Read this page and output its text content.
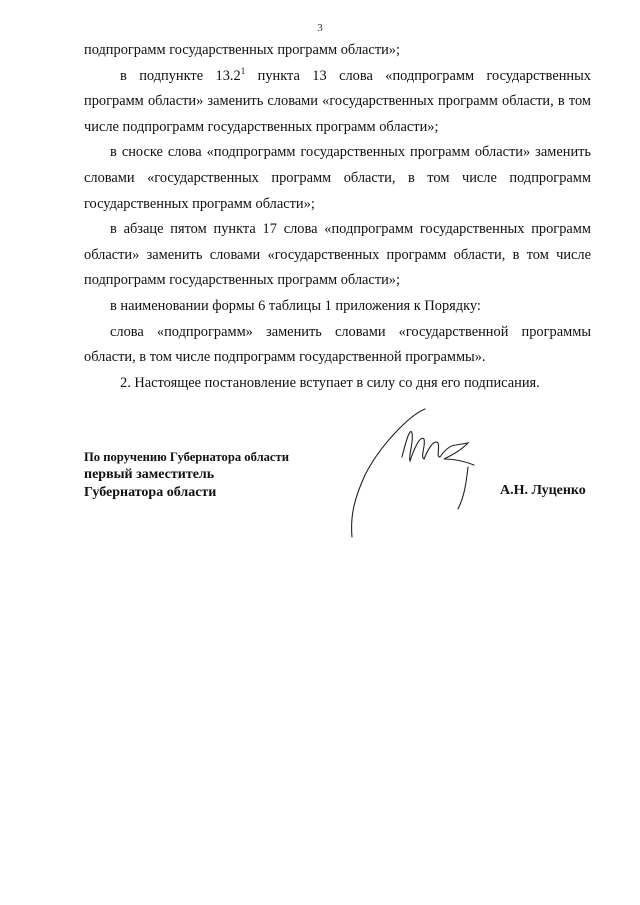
3

подпрограмм государственных программ области»;

в подпункте 13.2$^1$ пункта 13 слова «подпрограмм государственных программ области» заменить словами «государственных программ области, в том числе подпрограмм государственных программ области»;

в сноске слова «подпрограмм государственных программ области» заменить словами «государственных программ области, в том числе подпрограмм государственных программ области»;

в абзаце пятом пункта 17 слова «подпрограмм государственных программ области» заменить словами «государственных программ области, в том числе подпрограмм государственных программ области»;

в наименовании формы 6 таблицы 1 приложения к Порядку:

слова «подпрограмм» заменить словами «государственной программы области, в том числе подпрограмм государственной программы».

2. Настоящее постановление вступает в силу со дня его подписания.

По поручению Губернатора области
первый заместитель
Губернатора области	А.Н. Луценко
